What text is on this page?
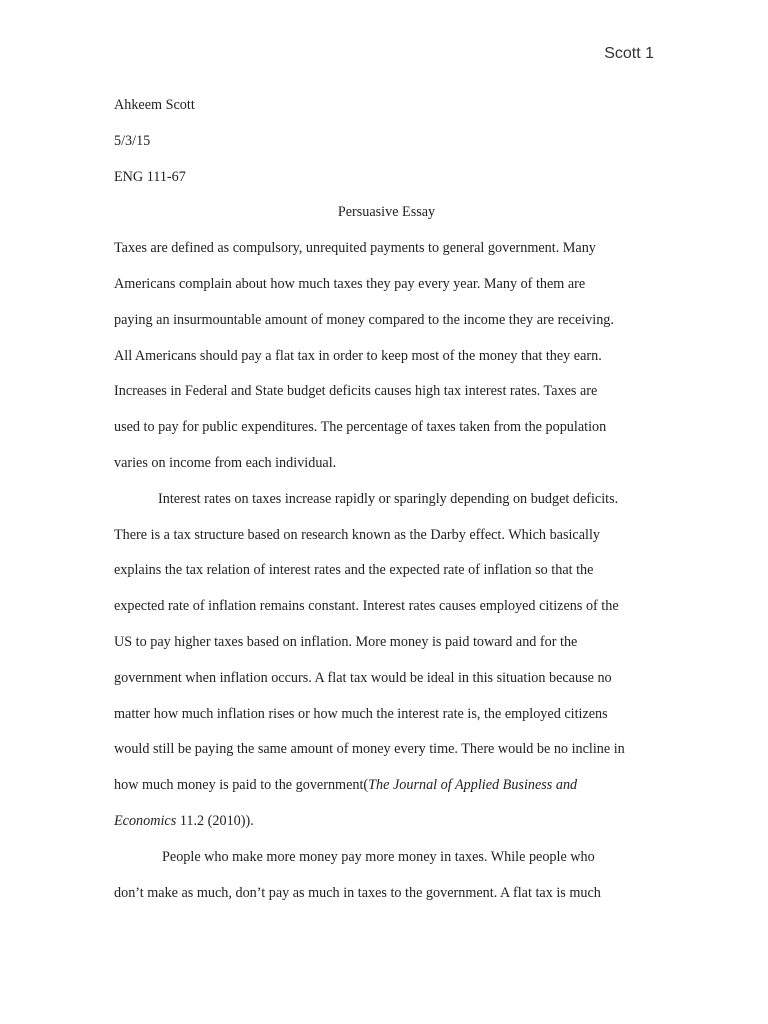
Scott 1
Ahkeem Scott
5/3/15
ENG 111-67
Persuasive Essay
Taxes are defined as compulsory, unrequited payments to general government. Many
Americans complain about how much taxes they pay every year. Many of them are
paying an insurmountable amount of money compared to the income they are receiving.
All Americans should pay a flat tax in order to keep most of the money that they earn.
Increases in Federal and State budget deficits causes high tax interest rates. Taxes are
used to pay for public expenditures. The percentage of taxes taken from the population
varies on income from each individual.
Interest rates on taxes increase rapidly or sparingly depending on budget deficits.
There is a tax structure based on research known as the Darby effect. Which basically
explains the tax relation of interest rates and the expected rate of inflation so that the
expected rate of inflation remains constant. Interest rates causes employed citizens of the
US to pay higher taxes based on inflation. More money is paid toward and for the
government when inflation occurs. A flat tax would be ideal in this situation because no
matter how much inflation rises or how much the interest rate is, the employed citizens
would still be paying the same amount of money every time. There would be no incline in
how much money is paid to the government(The Journal of Applied Business and
Economics 11.2 (2010)).
People who make more money pay more money in taxes. While people who
don’t make as much, don’t pay as much in taxes to the government. A flat tax is much
